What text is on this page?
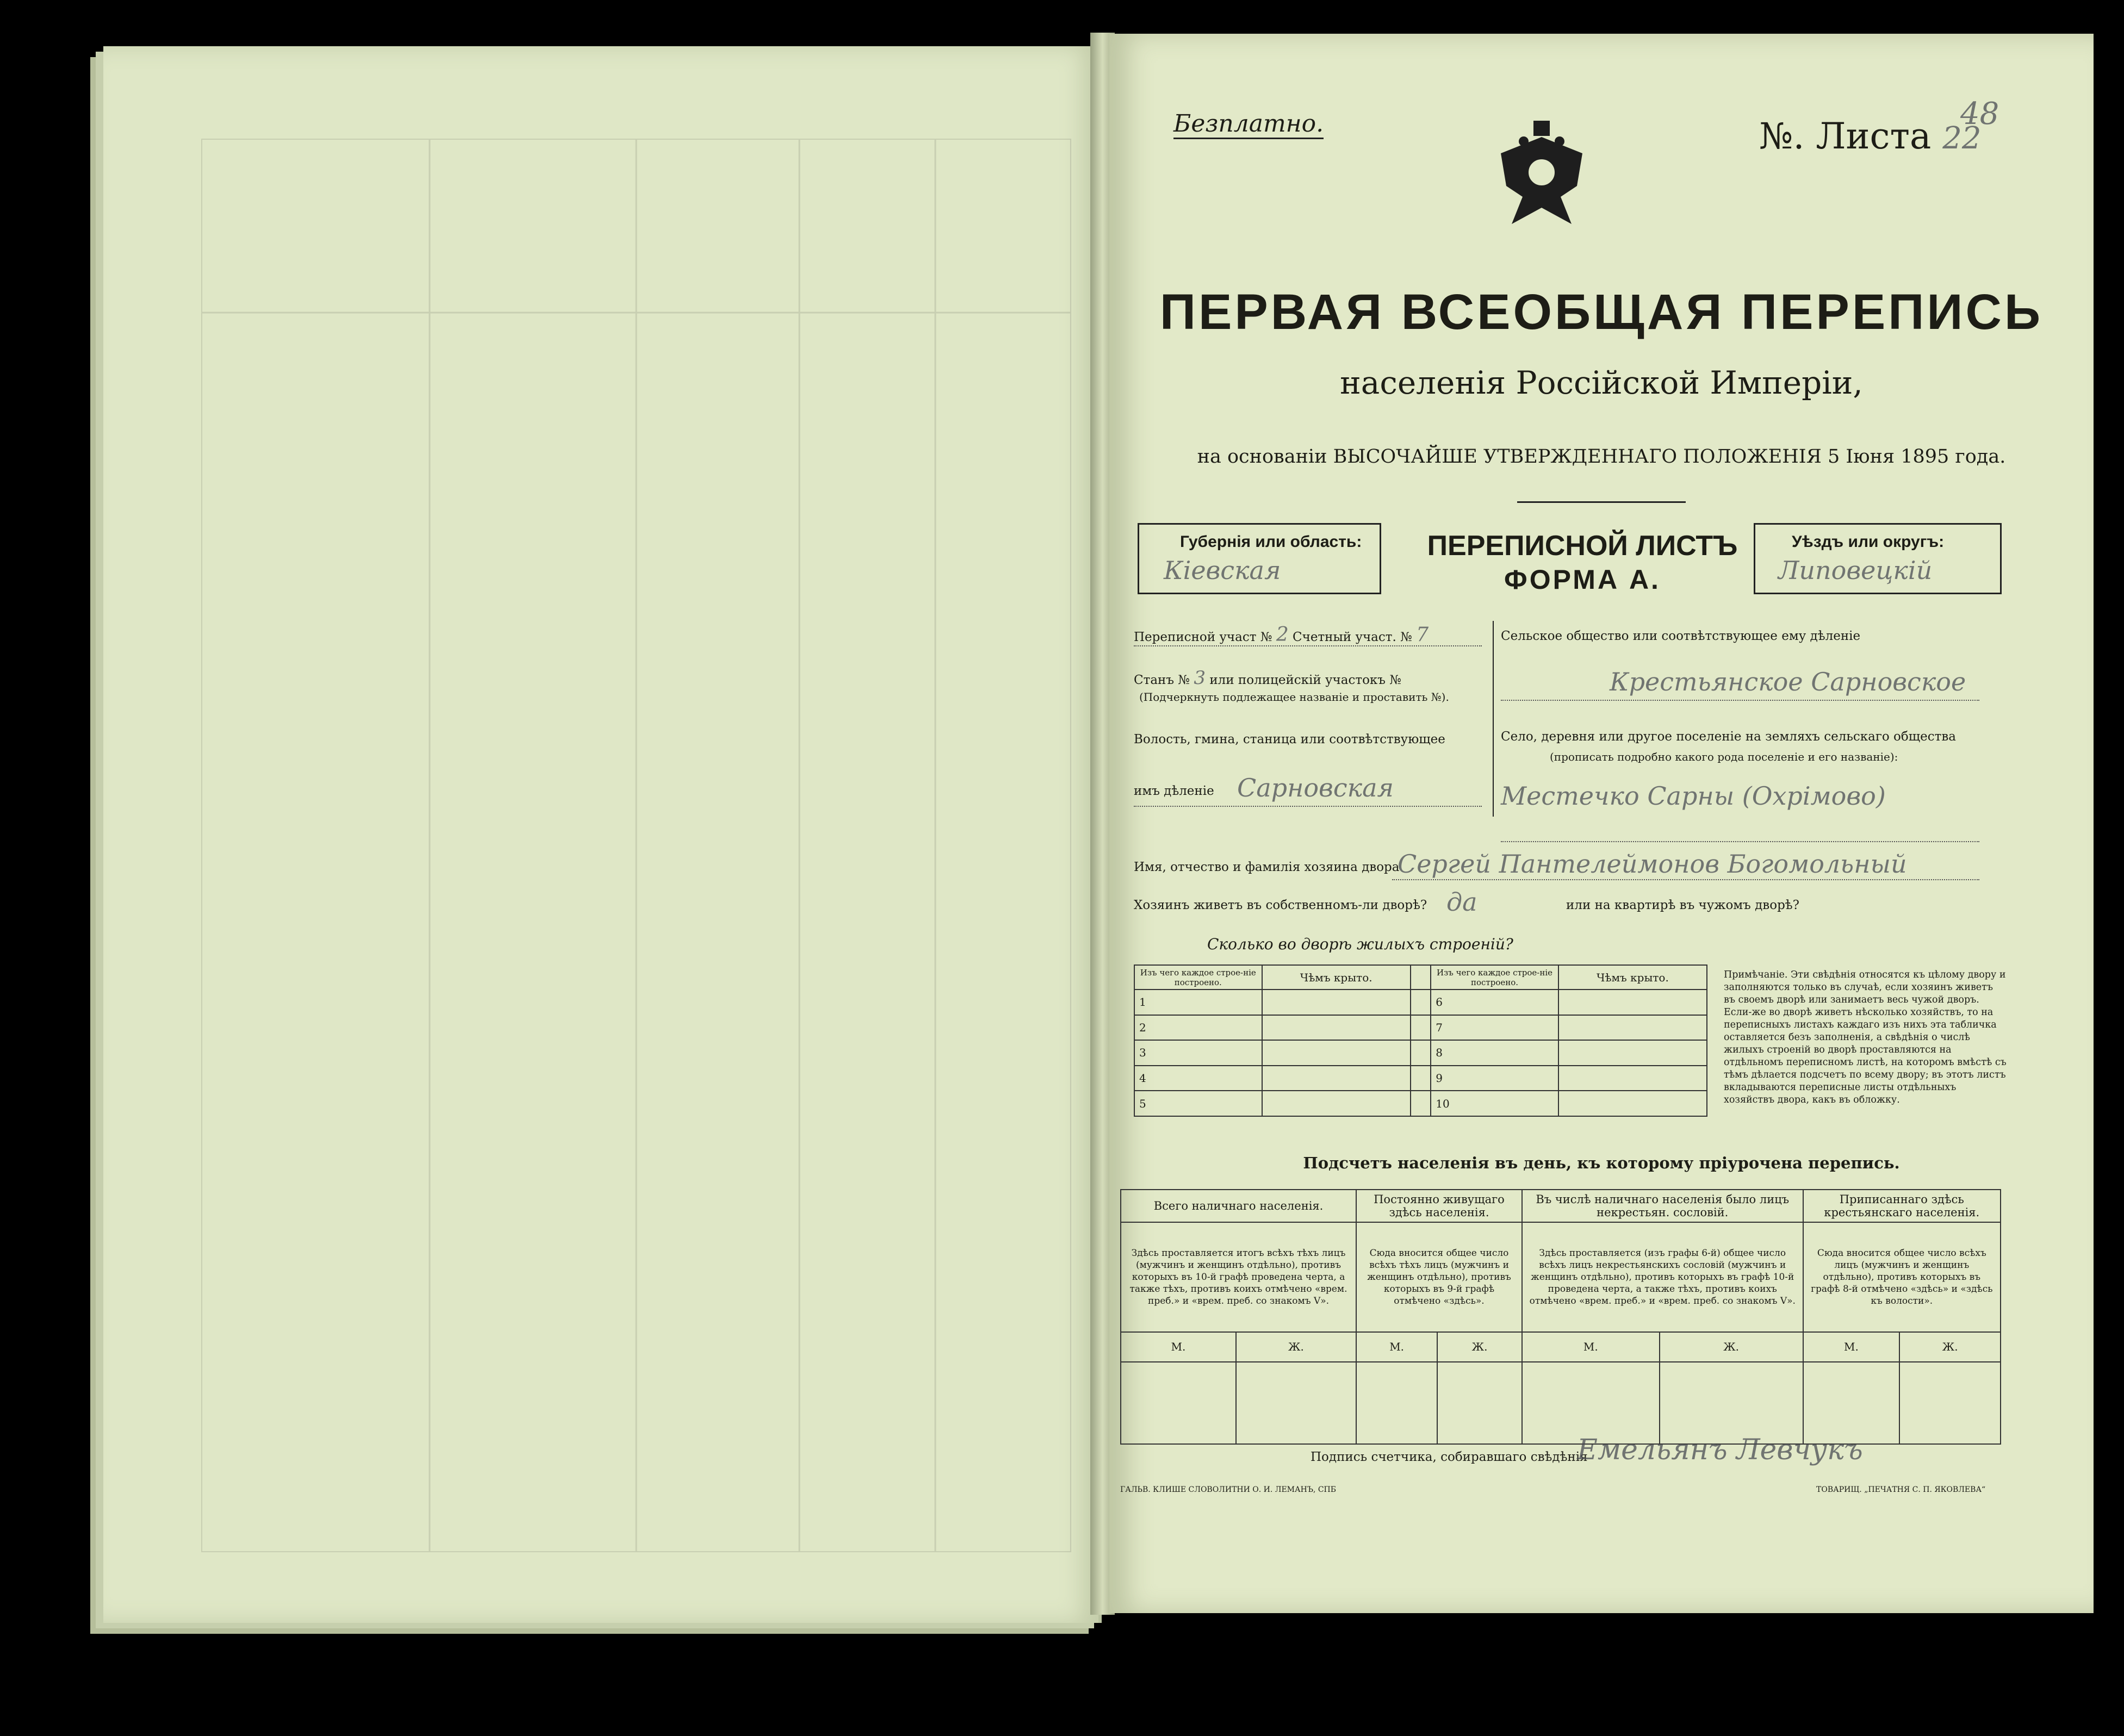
Безплатно.	№. Листа 22
48
ПЕРВАЯ ВСЕОБЩАЯ ПЕРЕПИСЬ
населенія Россійской Имперіи,
на основаніи ВЫСОЧАЙШЕ УТВЕРЖДЕННАГО ПОЛОЖЕНІЯ 5 Іюня 1895 года.
Губернія или область:
Кіевская
ПЕРЕПИСНОЙ ЛИСТЪ
ФОРМА А.
Уѣздъ или округъ:
Липовецкій
Переписной участ № 2 Счетный участ. № 7
Станъ № 3 или полицейскій участокъ №
(Подчеркнуть подлежащее названіе и проставить №).
Волость, гмина, станица или соотвѣтствующее
имъ дѣленіе Сарновская
Сельское общество или соотвѣтствующее ему дѣленіе
Крестьянское Сарновское
Село, деревня или другое поселеніе на земляхъ сельскаго общества
(прописать подробно какого рода поселеніе и его названіе):
Местечко Сарны (Охрімово)
Имя, отчество и фамилія хозяина двора
Сергей Пантелеймонов Богомольный
Хозяинъ живетъ въ собственномъ-ли дворѣ? да	или на квартирѣ въ чужомъ дворѣ?
Сколько во дворѣ жилыхъ строеній?
Изъ чего каждое строе-ніе построено.	Чѣмъ крыто.		Изъ чего каждое строе-ніе построено.	Чѣмъ крыто.
1			6	
2			7	
3			8	
4			9	
5			10	
Примѣчаніе. Эти свѣдѣнія относятся къ цѣлому двору и заполняются только въ случаѣ, если хозяинъ живетъ въ своемъ дворѣ или занимаетъ весь чужой дворъ. Если-же во дворѣ живетъ нѣсколько хозяйствъ, то на переписныхъ листахъ каждаго изъ нихъ эта табличка оставляется безъ заполненія, а свѣдѣнія о числѣ жилыхъ строеній во дворѣ проставляются на отдѣльномъ переписномъ листѣ, на которомъ вмѣстѣ съ тѣмъ дѣлается подсчетъ по всему двору; въ этотъ листъ вкладываются переписные листы отдѣльныхъ хозяйствъ двора, какъ въ обложку.
Подсчетъ населенія въ день, къ которому пріурочена перепись.
Всего наличнаго населенія.		Постоянно живущаго здѣсь населенія.		Въ числѣ наличнаго населенія было лицъ некрестьян. сословій.		Приписаннаго здѣсь крестьянскаго населенія.	
Здѣсь проставляется итогъ всѣхъ тѣхъ лицъ (мужчинъ и женщинъ отдѣльно), противъ которыхъ въ 10-й графѣ проведена черта, а также тѣхъ, противъ коихъ отмѣчено «врем. преб.» и «врем. преб. со знакомъ V».		Сюда вносится общее число всѣхъ тѣхъ лицъ (мужчинъ и женщинъ отдѣльно), противъ которыхъ въ 9-й графѣ отмѣчено «здѣсь».		Здѣсь проставляется (изъ графы 6-й) общее число всѣхъ лицъ некрестьянскихъ сословій (мужчинъ и женщинъ отдѣльно), противъ которыхъ въ графѣ 10-й проведена черта, а также тѣхъ, противъ коихъ отмѣчено «врем. преб.» и «врем. преб. со знакомъ V».		Сюда вносится общее число всѣхъ лицъ (мужчинъ и женщинъ отдѣльно), противъ которыхъ въ графѣ 8-й отмѣчено «здѣсь» и «здѣсь къ волости».	
М.	Ж.	М.	Ж.	М.	Ж.	М.	Ж.

Подпись счетчика, собиравшаго свѣдѣнія
Емельянъ Левчукъ
ГАЛЬВ. КЛИШЕ СЛОВОЛИТНИ О. И. ЛЕМАНЪ, СПБ	ТОВАРИЩ. „ПЕЧАТНЯ С. П. ЯКОВЛЕВА“
